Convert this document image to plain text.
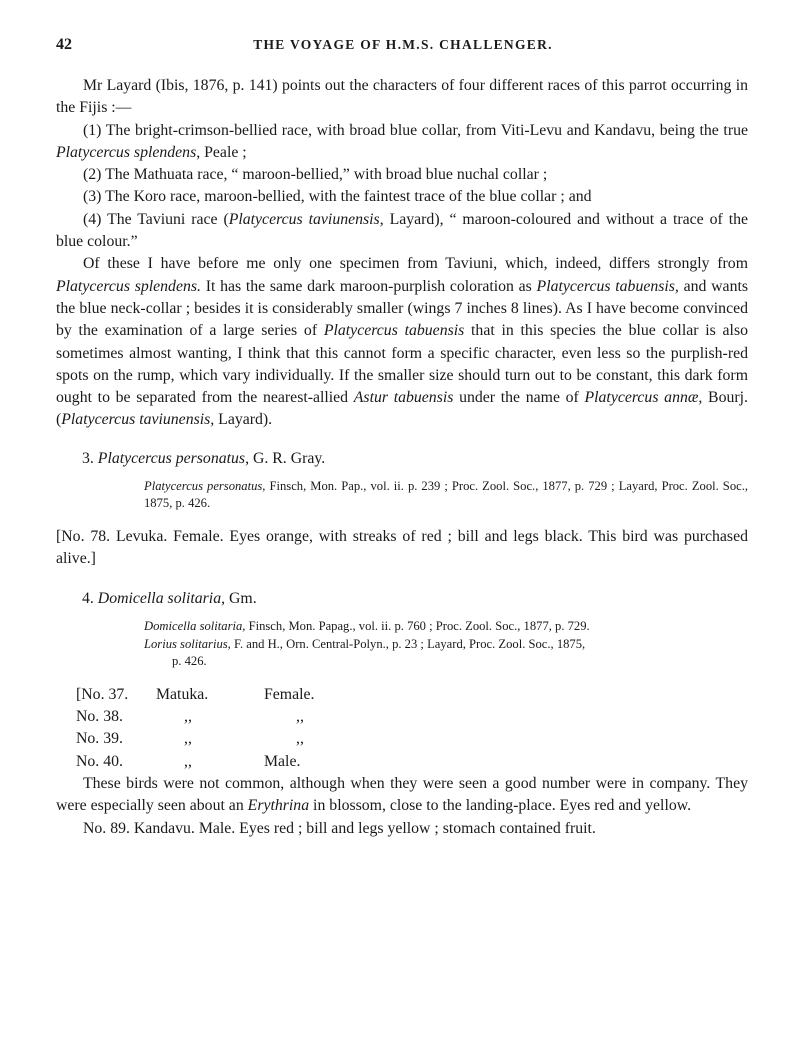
42	THE VOYAGE OF H.M.S. CHALLENGER.

Mr Layard (Ibis, 1876, p. 141) points out the characters of four different races of this parrot occurring in the Fijis :—

(1) The bright-crimson-bellied race, with broad blue collar, from Viti-Levu and Kandavu, being the true Platycercus splendens, Peale ;

(2) The Mathuata race, “ maroon-bellied,” with broad blue nuchal collar ;

(3) The Koro race, maroon-bellied, with the faintest trace of the blue collar ; and

(4) The Taviuni race (Platycercus taviunensis, Layard), “ maroon-coloured and without a trace of the blue colour.”

Of these I have before me only one specimen from Taviuni, which, indeed, differs strongly from Platycercus splendens. It has the same dark maroon-purplish coloration as Platycercus tabuensis, and wants the blue neck-collar ; besides it is considerably smaller (wings 7 inches 8 lines). As I have become convinced by the examination of a large series of Platycercus tabuensis that in this species the blue collar is also sometimes almost wanting, I think that this cannot form a specific character, even less so the purplish-red spots on the rump, which vary individually. If the smaller size should turn out to be constant, this dark form ought to be separated from the nearest-allied Astur tabuensis under the name of Platycercus annæ, Bourj. (Platycercus taviunensis, Layard).

3. Platycercus personatus, G. R. Gray.

Platycercus personatus, Finsch, Mon. Pap., vol. ii. p. 239 ; Proc. Zool. Soc., 1877, p. 729 ; Layard, Proc. Zool. Soc., 1875, p. 426.

[No. 78. Levuka. Female. Eyes orange, with streaks of red ; bill and legs black. This bird was purchased alive.]

4. Domicella solitaria, Gm.

Domicella solitaria, Finsch, Mon. Papag., vol. ii. p. 760 ; Proc. Zool. Soc., 1877, p. 729.

Lorius solitarius, F. and H., Orn. Central-Polyn., p. 23 ; Layard, Proc. Zool. Soc., 1875,
p. 426.

[No. 37.	Matuka.	Female.
No. 38.	,,	,,
No. 39.	,,	,,
No. 40.	,,	Male.

These birds were not common, although when they were seen a good number were in company. They were especially seen about an Erythrina in blossom, close to the landing-place. Eyes red and yellow.

No. 89. Kandavu. Male. Eyes red ; bill and legs yellow ; stomach contained fruit.
